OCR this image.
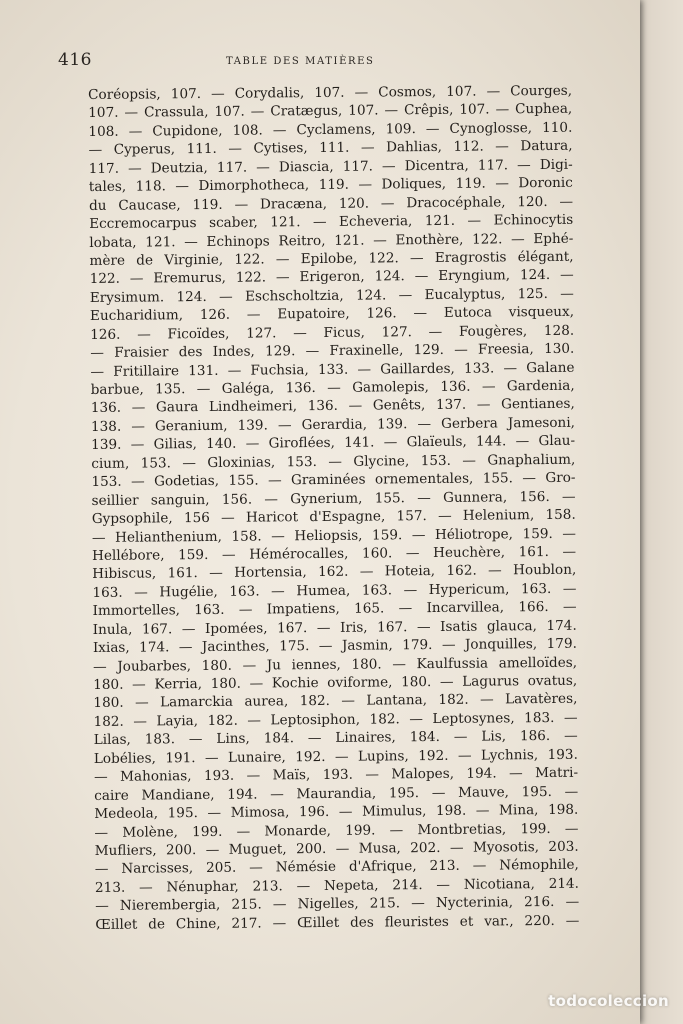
416	TABLE DES MATIÈRES
Coréopsis, 107. — Corydalis, 107. — Cosmos, 107. — Courges,
107. — Crassula, 107. — Cratægus, 107. — Crêpis, 107. — Cuphea,
108. — Cupidone, 108. — Cyclamens, 109. — Cynoglosse, 110.
— Cyperus, 111. — Cytises, 111. — Dahlias, 112. — Datura,
117. — Deutzia, 117. — Diascia, 117. — Dicentra, 117. — Digi-
tales, 118. — Dimorphotheca, 119. — Doliques, 119. — Doronic
du Caucase, 119. — Dracæna, 120. — Dracocéphale, 120. —
Eccremocarpus scaber, 121. — Echeveria, 121. — Echinocytis
lobata, 121. — Echinops Reitro, 121. — Enothère, 122. — Ephé-
mère de Virginie, 122. — Epilobe, 122. — Eragrostis élégant,
122. — Eremurus, 122. — Erigeron, 124. — Eryngium, 124. —
Erysimum. 124. — Eschscholtzia, 124. — Eucalyptus, 125. —
Eucharidium, 126. — Eupatoire, 126. — Eutoca visqueux,
126. — Ficoïdes, 127. — Ficus, 127. — Fougères, 128.
— Fraisier des Indes, 129. — Fraxinelle, 129. — Freesia, 130.
— Fritillaire 131. — Fuchsia, 133. — Gaillardes, 133. — Galane
barbue, 135. — Galéga, 136. — Gamolepis, 136. — Gardenia,
136. — Gaura Lindheimeri, 136. — Genêts, 137. — Gentianes,
138. — Geranium, 139. — Gerardia, 139. — Gerbera Jamesoni,
139. — Gilias, 140. — Giroflées, 141. — Glaïeuls, 144. — Glau-
cium, 153. — Gloxinias, 153. — Glycine, 153. — Gnaphalium,
153. — Godetias, 155. — Graminées ornementales, 155. — Gro-
seillier sanguin, 156. — Gynerium, 155. — Gunnera, 156. —
Gypsophile, 156 — Haricot d'Espagne, 157. — Helenium, 158.
— Helianthenium, 158. — Heliopsis, 159. — Héliotrope, 159. —
Hellébore, 159. — Hémérocalles, 160. — Heuchère, 161. —
Hibiscus, 161. — Hortensia, 162. — Hoteia, 162. — Houblon,
163. — Hugélie, 163. — Humea, 163. — Hypericum, 163. —
Immortelles, 163. — Impatiens, 165. — Incarvillea, 166. —
Inula, 167. — Ipomées, 167. — Iris, 167. — Isatis glauca, 174.
Ixias, 174. — Jacinthes, 175. — Jasmin, 179. — Jonquilles, 179.
— Joubarbes, 180. — Ju iennes, 180. — Kaulfussia amelloïdes,
180. — Kerria, 180. — Kochie oviforme, 180. — Lagurus ovatus,
180. — Lamarckia aurea, 182. — Lantana, 182. — Lavatères,
182. — Layia, 182. — Leptosiphon, 182. — Leptosynes, 183. —
Lilas, 183. — Lins, 184. — Linaires, 184. — Lis, 186. —
Lobélies, 191. — Lunaire, 192. — Lupins, 192. — Lychnis, 193.
— Mahonias, 193. — Maïs, 193. — Malopes, 194. — Matri-
caire Mandiane, 194. — Maurandia, 195. — Mauve, 195. —
Medeola, 195. — Mimosa, 196. — Mimulus, 198. — Mina, 198.
— Molène, 199. — Monarde, 199. — Montbretias, 199. —
Mufliers, 200. — Muguet, 200. — Musa, 202. — Myosotis, 203.
— Narcisses, 205. — Némésie d'Afrique, 213. — Némophile,
213. — Nénuphar, 213. — Nepeta, 214. — Nicotiana, 214.
— Nierembergia, 215. — Nigelles, 215. — Nycterinia, 216. —
Œillet de Chine, 217. — Œillet des fleuristes et var., 220. —
todocoleccion
